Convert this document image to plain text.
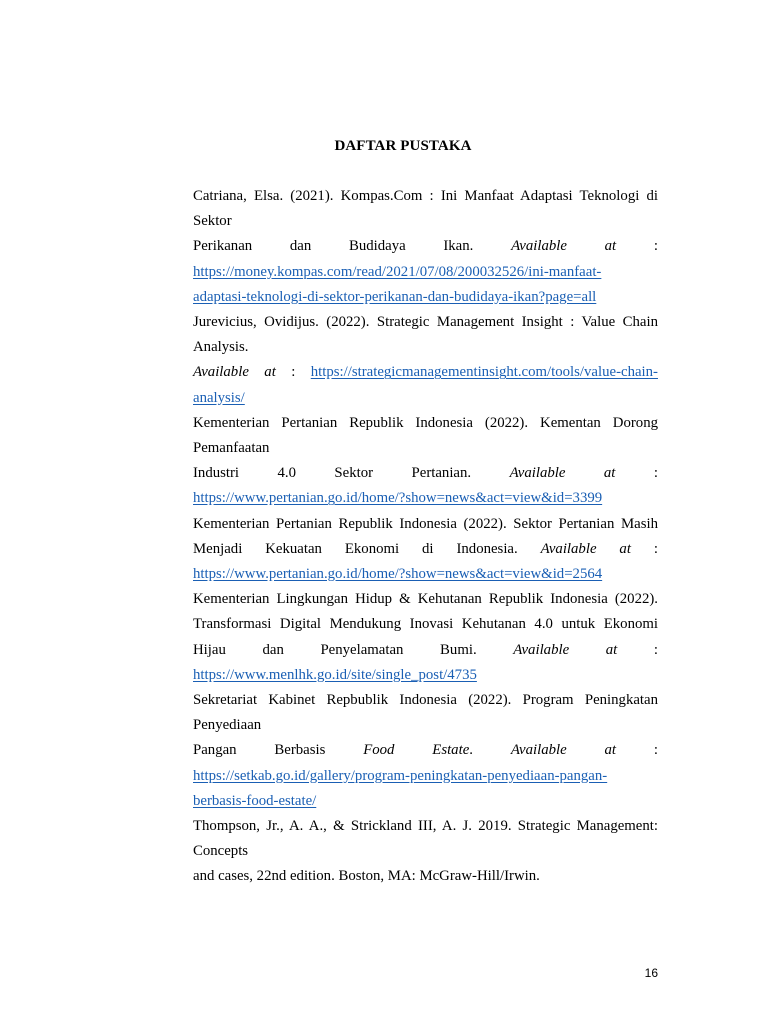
DAFTAR PUSTAKA
Catriana, Elsa. (2021). Kompas.Com : Ini Manfaat Adaptasi Teknologi di Sektor
Perikanan dan Budidaya Ikan. Available at :
https://money.kompas.com/read/2021/07/08/200032526/ini-manfaat-
adaptasi-teknologi-di-sektor-perikanan-dan-budidaya-ikan?page=all
Jurevicius, Ovidijus. (2022). Strategic Management Insight : Value Chain Analysis.
Available at : https://strategicmanagementinsight.com/tools/value-chain-
analysis/
Kementerian Pertanian Republik Indonesia (2022). Kementan Dorong Pemanfaatan
Industri 4.0 Sektor Pertanian. Available at :
https://www.pertanian.go.id/home/?show=news&act=view&id=3399
Kementerian Pertanian Republik Indonesia (2022). Sektor Pertanian Masih
Menjadi Kekuatan Ekonomi di Indonesia. Available at :
https://www.pertanian.go.id/home/?show=news&act=view&id=2564
Kementerian Lingkungan Hidup & Kehutanan Republik Indonesia (2022).
Transformasi Digital Mendukung Inovasi Kehutanan 4.0 untuk Ekonomi
Hijau dan Penyelamatan Bumi. Available at :
https://www.menlhk.go.id/site/single_post/4735
Sekretariat Kabinet Repbublik Indonesia (2022). Program Peningkatan Penyediaan
Pangan Berbasis Food Estate. Available at :
https://setkab.go.id/gallery/program-peningkatan-penyediaan-pangan-
berbasis-food-estate/
Thompson, Jr., A. A., & Strickland III, A. J. 2019. Strategic Management: Concepts
and cases, 22nd edition. Boston, MA: McGraw-Hill/Irwin.
16
